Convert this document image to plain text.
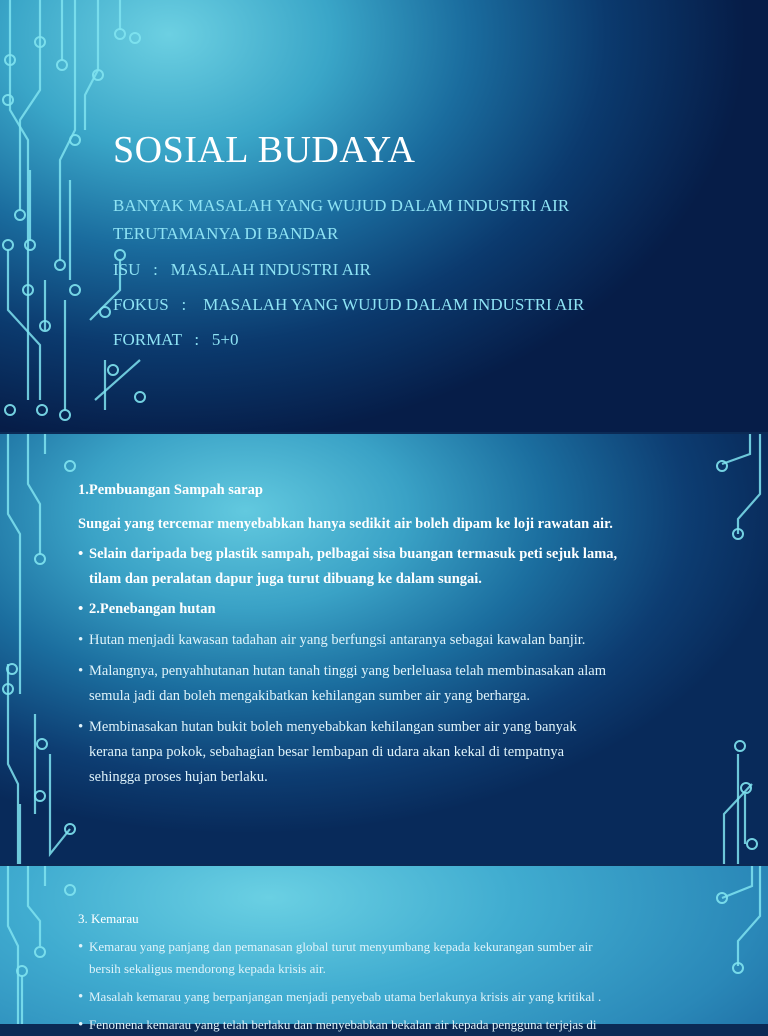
SOSIAL BUDAYA
BANYAK MASALAH YANG WUJUD DALAM INDUSTRI AIR
TERUTAMANYA DI BANDAR
ISU   :   MASALAH INDUSTRI AIR
FOKUS   :    MASALAH YANG WUJUD DALAM INDUSTRI AIR
FORMAT   :   5+0
1.Pembuangan Sampah sarap
Sungai yang tercemar menyebabkan hanya sedikit air boleh dipam ke loji rawatan air.
• Selain daripada beg plastik sampah, pelbagai sisa buangan termasuk peti sejuk lama,
tilam dan peralatan dapur juga turut dibuang ke dalam sungai.
• 2.Penebangan hutan
• Hutan menjadi kawasan tadahan air yang berfungsi antaranya sebagai kawalan banjir.
• Malangnya, penyahhutanan hutan tanah tinggi yang berleluasa telah membinasakan alam
semula jadi dan boleh mengakibatkan kehilangan sumber air yang berharga.
• Membinasakan hutan bukit boleh menyebabkan kehilangan sumber air yang banyak
kerana tanpa pokok, sebahagian besar lembapan di udara akan kekal di tempatnya
sehingga proses hujan berlaku.
3. Kemarau
• Kemarau yang panjang dan pemanasan global turut menyumbang kepada kekurangan sumber air
bersih sekaligus mendorong kepada krisis air.
• Masalah kemarau yang berpanjangan menjadi penyebab utama berlakunya krisis air yang kritikal .
• Fenomena kemarau yang telah berlaku dan menyebabkan bekalan air kepada pengguna terjejas di
